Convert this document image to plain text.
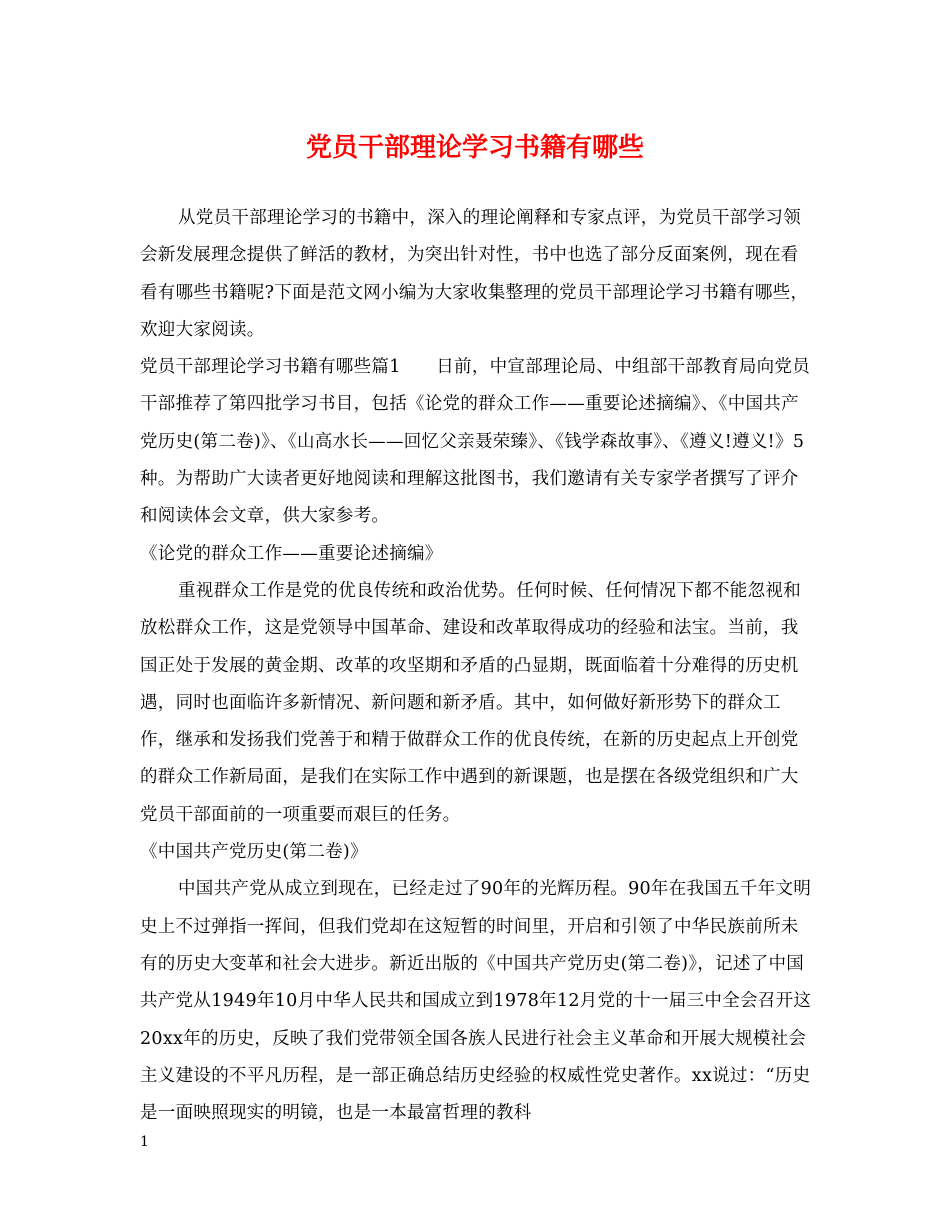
党员干部理论学习书籍有哪些

从党员干部理论学习的书籍中，深入的理论阐释和专家点评，为党员干部学习领会新发展理念提供了鲜活的教材，为突出针对性，书中也选了部分反面案例，现在看看有哪些书籍呢?下面是范文网小编为大家收集整理的党员干部理论学习书籍有哪些，欢迎大家阅读。

党员干部理论学习书籍有哪些篇1　　日前，中宣部理论局、中组部干部教育局向党员干部推荐了第四批学习书目，包括《论党的群众工作——重要论述摘编》、《中国共产党历史(第二卷)》、《山高水长——回忆父亲聂荣臻》、《钱学森故事》、《遵义!遵义!》5种。为帮助广大读者更好地阅读和理解这批图书，我们邀请有关专家学者撰写了评介和阅读体会文章，供大家参考。

《论党的群众工作——重要论述摘编》

重视群众工作是党的优良传统和政治优势。任何时候、任何情况下都不能忽视和放松群众工作，这是党领导中国革命、建设和改革取得成功的经验和法宝。当前，我国正处于发展的黄金期、改革的攻坚期和矛盾的凸显期，既面临着十分难得的历史机遇，同时也面临许多新情况、新问题和新矛盾。其中，如何做好新形势下的群众工作，继承和发扬我们党善于和精于做群众工作的优良传统，在新的历史起点上开创党的群众工作新局面，是我们在实际工作中遇到的新课题，也是摆在各级党组织和广大党员干部面前的一项重要而艰巨的任务。

《中国共产党历史(第二卷)》

中国共产党从成立到现在，已经走过了90年的光辉历程。90年在我国五千年文明史上不过弹指一挥间，但我们党却在这短暂的时间里，开启和引领了中华民族前所未有的历史大变革和社会大进步。新近出版的《中国共产党历史(第二卷)》，记述了中国共产党从1949年10月中华人民共和国成立到1978年12月党的十一届三中全会召开这20xx年的历史，反映了我们党带领全国各族人民进行社会主义革命和开展大规模社会主义建设的不平凡历程，是一部正确总结历史经验的权威性党史著作。xx说过：“历史是一面映照现实的明镜，也是一本最富哲理的教科

1
